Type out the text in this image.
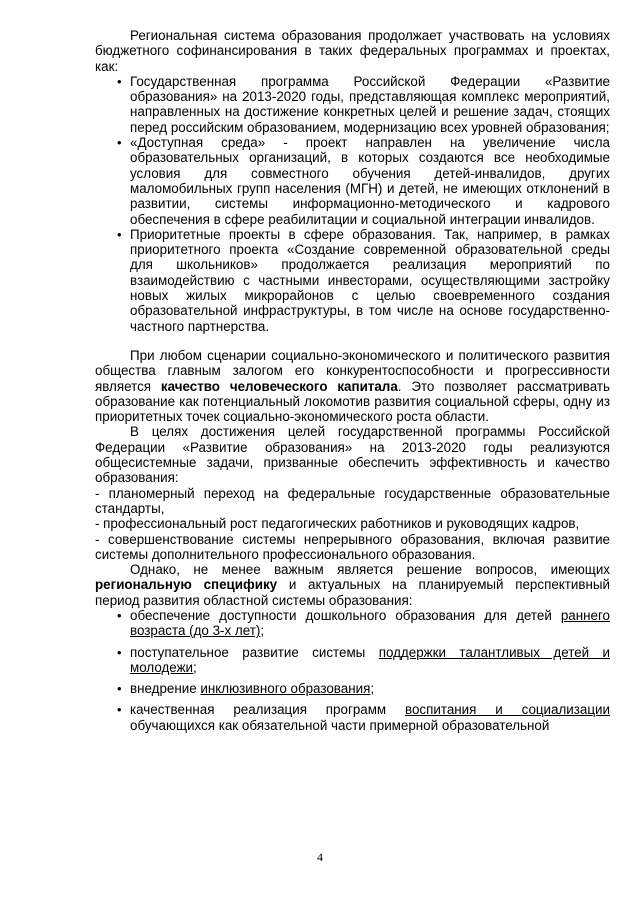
Региональная система образования продолжает участвовать на условиях бюджетного софинансирования в таких федеральных программах и проектах, как:

• Государственная программа Российской Федерации «Развитие образования» на 2013-2020 годы, представляющая комплекс мероприятий, направленных на достижение конкретных целей и решение задач, стоящих перед российским образованием, модернизацию всех уровней образования;
• «Доступная среда» - проект направлен на увеличение числа образовательных организаций, в которых создаются все необходимые условия для совместного обучения детей-инвалидов, других маломобильных групп населения (МГН) и детей, не имеющих отклонений в развитии, системы информационно-методического и кадрового обеспечения в сфере реабилитации и социальной интеграции инвалидов.
• Приоритетные проекты в сфере образования. Так, например, в рамках приоритетного проекта «Создание современной образовательной среды для школьников» продолжается реализация мероприятий по взаимодействию с частными инвесторами, осуществляющими застройку новых жилых микрорайонов с целью своевременного создания образовательной инфраструктуры, в том числе на основе государственно-частного партнерства.

При любом сценарии социально-экономического и политического развития общества главным залогом его конкурентоспособности и прогрессивности является качество человеческого капитала. Это позволяет рассматривать образование как потенциальный локомотив развития социальной сферы, одну из приоритетных точек социально-экономического роста области.

В целях достижения целей государственной программы Российской Федерации «Развитие образования» на 2013-2020 годы реализуются общесистемные задачи, призванные обеспечить эффективность и качество образования:

- планомерный переход на федеральные государственные образовательные стандарты,

- профессиональный рост педагогических работников и руководящих кадров,

- совершенствование системы непрерывного образования, включая развитие системы дополнительного профессионального образования.

Однако, не менее важным является решение вопросов, имеющих региональную специфику и актуальных на планируемый перспективный период развития областной системы образования:

• обеспечение доступности дошкольного образования для детей раннего возраста (до 3-х лет);
• поступательное развитие системы поддержки талантливых детей и молодежи;
• внедрение инклюзивного образования;
• качественная реализация программ воспитания и социализации обучающихся как обязательной части примерной образовательной
4
